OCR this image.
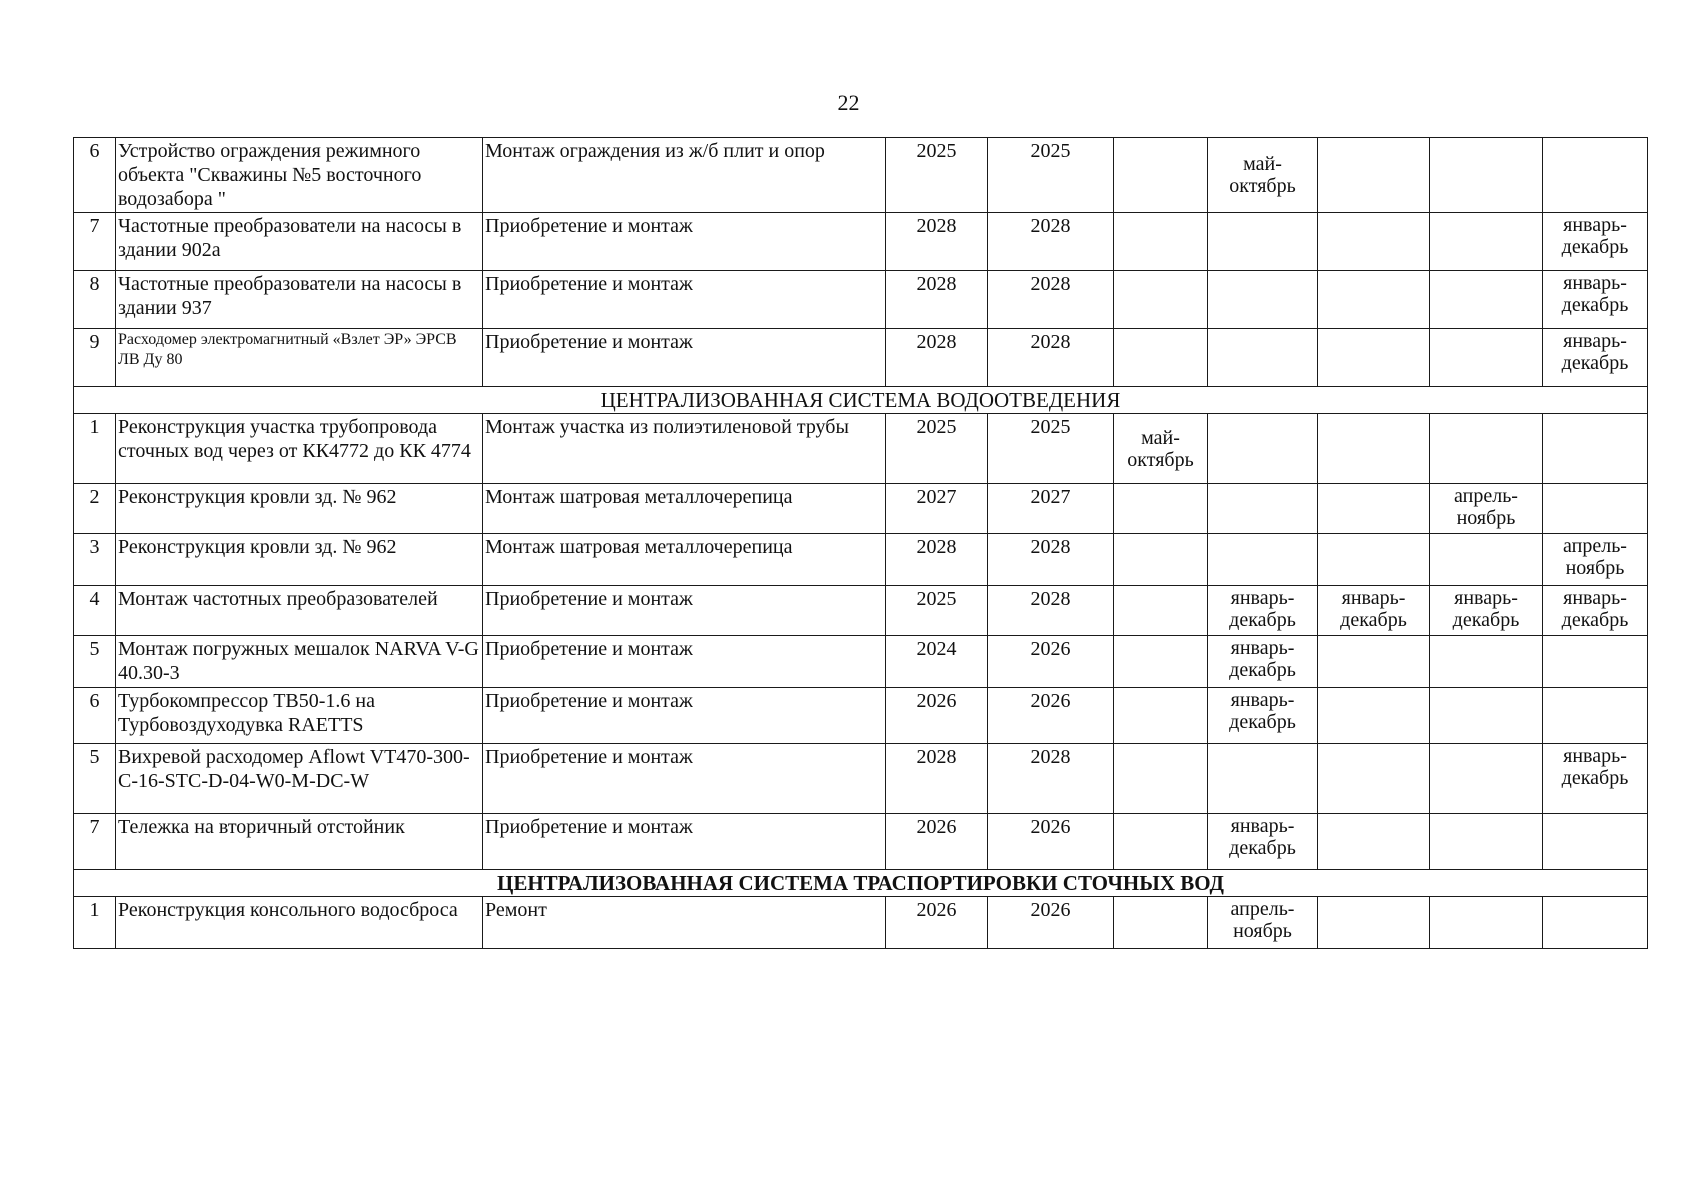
22
6	Устройство ограждения режимного объекта "Скважины №5 восточного водозабора "	Монтаж ограждения из ж/б плит и опор	2025	2025		май-октябрь			
7	Частотные преобразователи на насосы в здании 902а	Приобретение и монтаж	2028	2028					январь-декабрь
8	Частотные преобразователи на насосы в здании 937	Приобретение и монтаж	2028	2028					январь-декабрь
9	Расходомер электромагнитный «Взлет ЭР» ЭРСВ ЛВ Ду 80	Приобретение и монтаж	2028	2028					январь-декабрь
ЦЕНТРАЛИЗОВАННАЯ СИСТЕМА ВОДООТВЕДЕНИЯ									
1	Реконструкция участка трубопровода сточных вод через от КК4772 до КК 4774	Монтаж участка из полиэтиленовой трубы	2025	2025	май-октябрь				
2	Реконструкция кровли зд. № 962	Монтаж шатровая металлочерепица	2027	2027				апрель-ноябрь	
3	Реконструкция кровли зд. № 962	Монтаж шатровая металлочерепица	2028	2028					апрель-ноябрь
4	Монтаж частотных преобразователей	Приобретение и монтаж	2025	2028		январь-декабрь	январь-декабрь	январь-декабрь	январь-декабрь
5	Монтаж погружных мешалок NARVA V-G 40.30-3	Приобретение и монтаж	2024	2026		январь-декабрь			
6	Турбокомпрессор ТВ50-1.6 на Турбовоздуходувка RAETTS	Приобретение и монтаж	2026	2026		январь-декабрь			
5	Вихревой расходомер Aflowt VT470-300-C-16-STC-D-04-W0-M-DC-W	Приобретение и монтаж	2028	2028					январь-декабрь
7	Тележка на вторичный отстойник	Приобретение и монтаж	2026	2026		январь-декабрь			
ЦЕНТРАЛИЗОВАННАЯ СИСТЕМА ТРАСПОРТИРОВКИ СТОЧНЫХ ВОД									
1	Реконструкция консольного водосброса	Ремонт	2026	2026		апрель-ноябрь			
